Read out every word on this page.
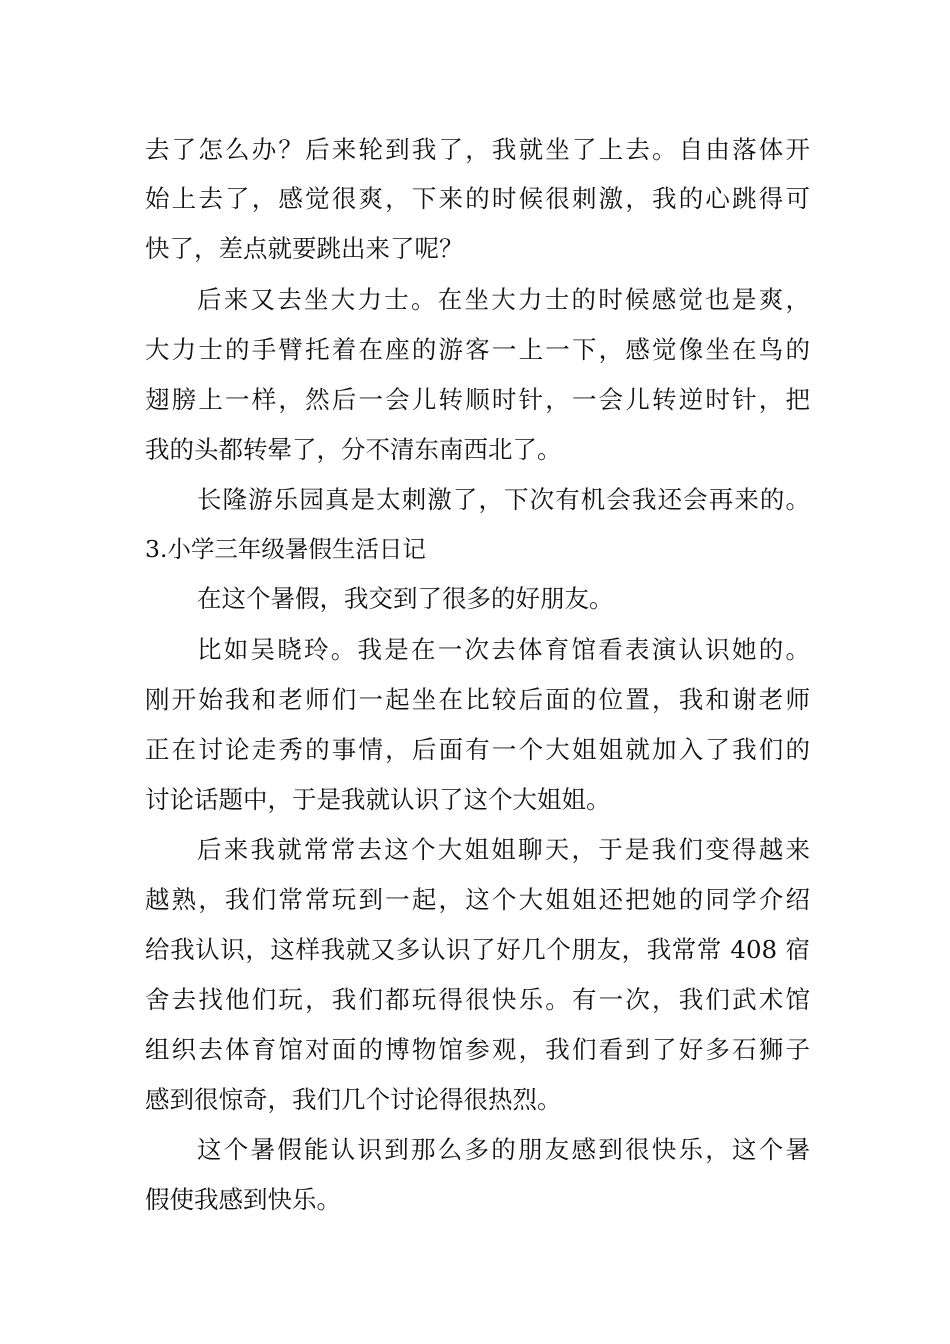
去了怎么办？后来轮到我了，我就坐了上去。自由落体开
始上去了，感觉很爽，下来的时候很刺激，我的心跳得可
快了，差点就要跳出来了呢？
后来又去坐大力士。在坐大力士的时候感觉也是爽，
大力士的手臂托着在座的游客一上一下，感觉像坐在鸟的
翅膀上一样，然后一会儿转顺时针，一会儿转逆时针，把
我的头都转晕了，分不清东南西北了。
长隆游乐园真是太刺激了，下次有机会我还会再来的。
3.小学三年级暑假生活日记
在这个暑假，我交到了很多的好朋友。
比如吴晓玲。我是在一次去体育馆看表演认识她的。
刚开始我和老师们一起坐在比较后面的位置，我和谢老师
正在讨论走秀的事情，后面有一个大姐姐就加入了我们的
讨论话题中，于是我就认识了这个大姐姐。
后来我就常常去这个大姐姐聊天，于是我们变得越来
越熟，我们常常玩到一起，这个大姐姐还把她的同学介绍
给我认识，这样我就又多认识了好几个朋友，我常常 408 宿
舍去找他们玩，我们都玩得很快乐。有一次，我们武术馆
组织去体育馆对面的博物馆参观，我们看到了好多石狮子
感到很惊奇，我们几个讨论得很热烈。
这个暑假能认识到那么多的朋友感到很快乐，这个暑
假使我感到快乐。
